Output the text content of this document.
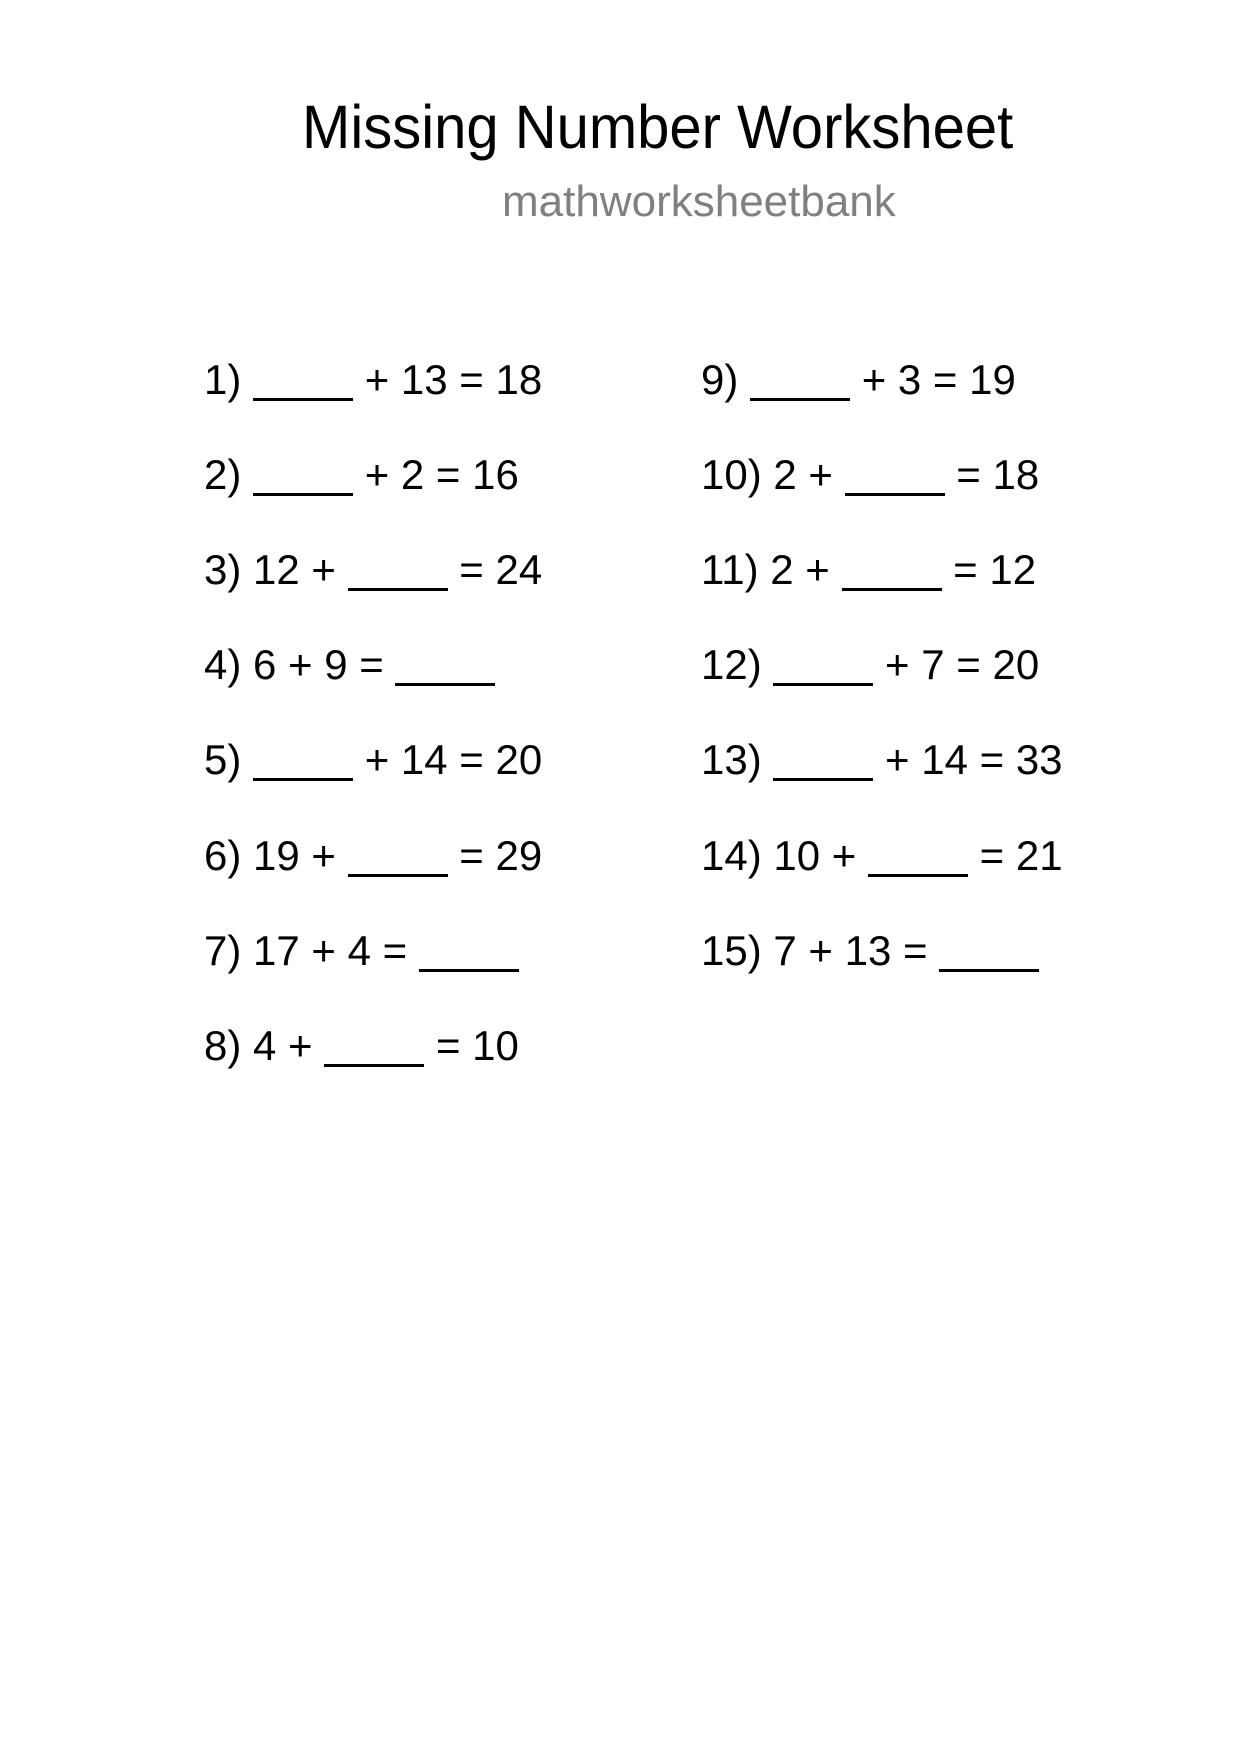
Missing Number Worksheet
mathworksheetbank
1)	+ 13 = 18
2)	+ 2 = 16
3) 12 +	= 24
4) 6 + 9 =
5)	+ 14 = 20
6) 19 +	= 29
7) 17 + 4 =
8) 4 +	= 10
9)	+ 3 = 19
10) 2 +	= 18
11) 2 +	= 12
12)	+ 7 = 20
13)	+ 14 = 33
14) 10 +	= 21
15) 7 + 13 =
